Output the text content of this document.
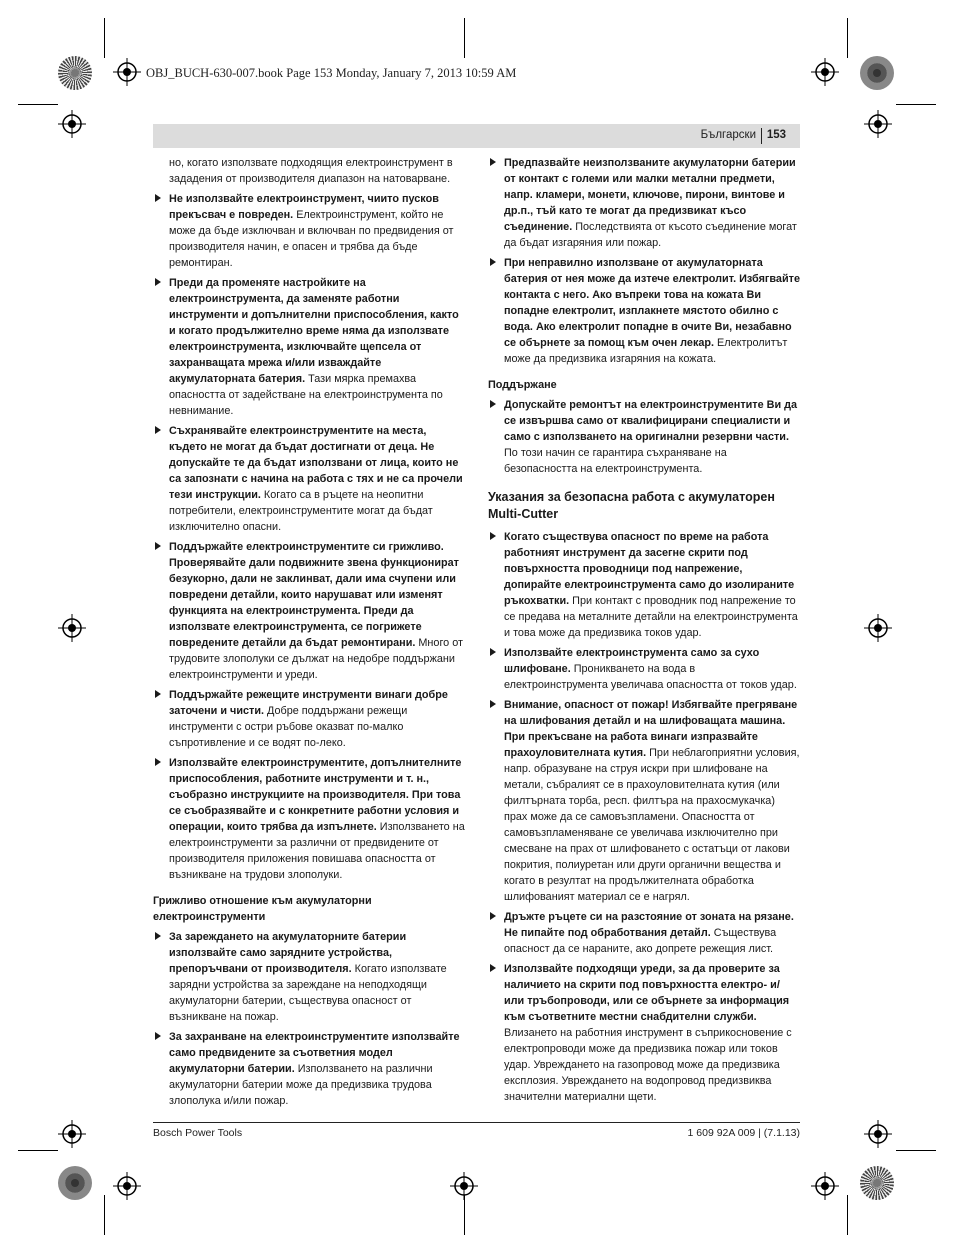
OBJ_BUCH-630-007.book Page 153 Monday, January 7, 2013 10:59 AM
Български 153
но, когато използвате подходящия електроинструмент в зададения от производителя диапазон на натоварване.
Не използвайте електроинструмент, чиито пусков прекъсвач е повреден. Електроинструмент, който не може да бъде изключван и включван по предвидения от производителя начин, е опасен и трябва да бъде ремонтиран.
Преди да променяте настройките на електроинструмента, да заменяте работни инструменти и допълнителни приспособления, както и когато продължително време няма да използвате електроинструмента, изключвайте щепсела от захранващата мрежа и/или изваждайте акумулаторната батерия. Тази мярка премахва опасността от задействане на електроинструмента по невнимание.
Съхранявайте електроинструментите на места, където не могат да бъдат достигнати от деца. Не допускайте те да бъдат използвани от лица, които не са запознати с начина на работа с тях и не са прочели тези инструкции. Когато са в ръцете на неопитни потребители, електроинструментите могат да бъдат изключително опасни.
Поддържайте електроинструментите си грижливо. Проверявайте дали подвижните звена функционират безукорно, дали не заклинват, дали има счупени или повредени детайли, които нарушават или изменят функцията на електроинструмента. Преди да използвате електроинструмента, се погрижете повредените детайли да бъдат ремонтирани. Много от трудовите злополуки се дължат на недобре поддържани електроинструменти и уреди.
Поддържайте режещите инструменти винаги добре заточени и чисти. Добре поддържани режещи инструменти с остри ръбове оказват по-малко съпротивление и се водят по-леко.
Използвайте електроинструментите, допълнителните приспособления, работните инструменти и т. н., съобразно инструкциите на производителя. При това се съобразявайте и с конкретните работни условия и операции, които трябва да изпълнете. Използването на електроинструменти за различни от предвидените от производителя приложения повишава опасността от възникване на трудови злополуки.
Грижливо отношение към акумулаторни електроинструменти
За зареждането на акумулаторните батерии използвайте само зарядните устройства, препоръчвани от производителя. Когато използвате зарядни устройства за зареждане на неподходящи акумулаторни батерии, съществува опасност от възникване на пожар.
За захранване на електроинструментите използвайте само предвидените за съответния модел акумулаторни батерии. Използването на различни акумулаторни батерии може да предизвика трудова злополука и/или пожар.
Предпазвайте неизползваните акумулаторни батерии от контакт с големи или малки метални предмети, напр. кламери, монети, ключове, пирони, винтове и др.п., тъй като те могат да предизвикат късо съединение. Последствията от късото съединение могат да бъдат изгаряния или пожар.
При неправилно използване от акумулаторната батерия от нея може да изтече електролит. Избягвайте контакта с него. Ако въпреки това на кожата Ви попадне електролит, изплакнете мястото обилно с вода. Ако електролит попадне в очите Ви, незабавно се обърнете за помощ към очен лекар. Електролитът може да предизвика изгаряния на кожата.
Поддържане
Допускайте ремонтът на електроинструментите Ви да се извършва само от квалифицирани специалисти и само с използването на оригинални резервни части. По този начин се гарантира съхраняване на безопасността на електроинструмента.
Указания за безопасна работа с акумулаторен Multi-Cutter
Когато съществува опасност по време на работа работният инструмент да засегне скрити под повърхността проводници под напрежение, допирайте електроинструмента само до изолираните ръкохватки. При контакт с проводник под напрежение то се предава на металните детайли на електроинструмента и това може да предизвика токов удар.
Използвайте електроинструмента само за сухо шлифоване. Проникването на вода в електроинструмента увеличава опасността от токов удар.
Внимание, опасност от пожар! Избягвайте прегряване на шлифования детайл и на шлифоващата машина. При прекъсване на работа винаги изпразвайте прахоуловителната кутия. При неблагоприятни условия, напр. образуване на струя искри при шлифоване на метали, събралият се в прахоуловителната кутия (или филтърната торба, респ. филтъра на прахосмукачка) прах може да се самовъзпламени. Опасността от самовъзпламеняване се увеличава изключително при смесване на прах от шлифоването с остатъци от лакови покрития, полиуретан или други органични вещества и когато в резултат на продължителната обработка шлифованият материал се е нагрял.
Дръжте ръцете си на разстояние от зоната на рязане. Не пипайте под обработвания детайл. Съществува опасност да се нараните, ако допрете режещия лист.
Използвайте подходящи уреди, за да проверите за наличието на скрити под повърхността електро- и/или тръбопроводи, или се обърнете за информация към съответните местни снабдителни служби. Влизането на работния инструмент в съприкосновение с електропроводи може да предизвика пожар или токов удар. Увреждането на газопровод може да предизвика експлозия. Увреждането на водопровод предизвиква значителни материални щети.
Bosch Power Tools	1 609 92A 009 | (7.1.13)
